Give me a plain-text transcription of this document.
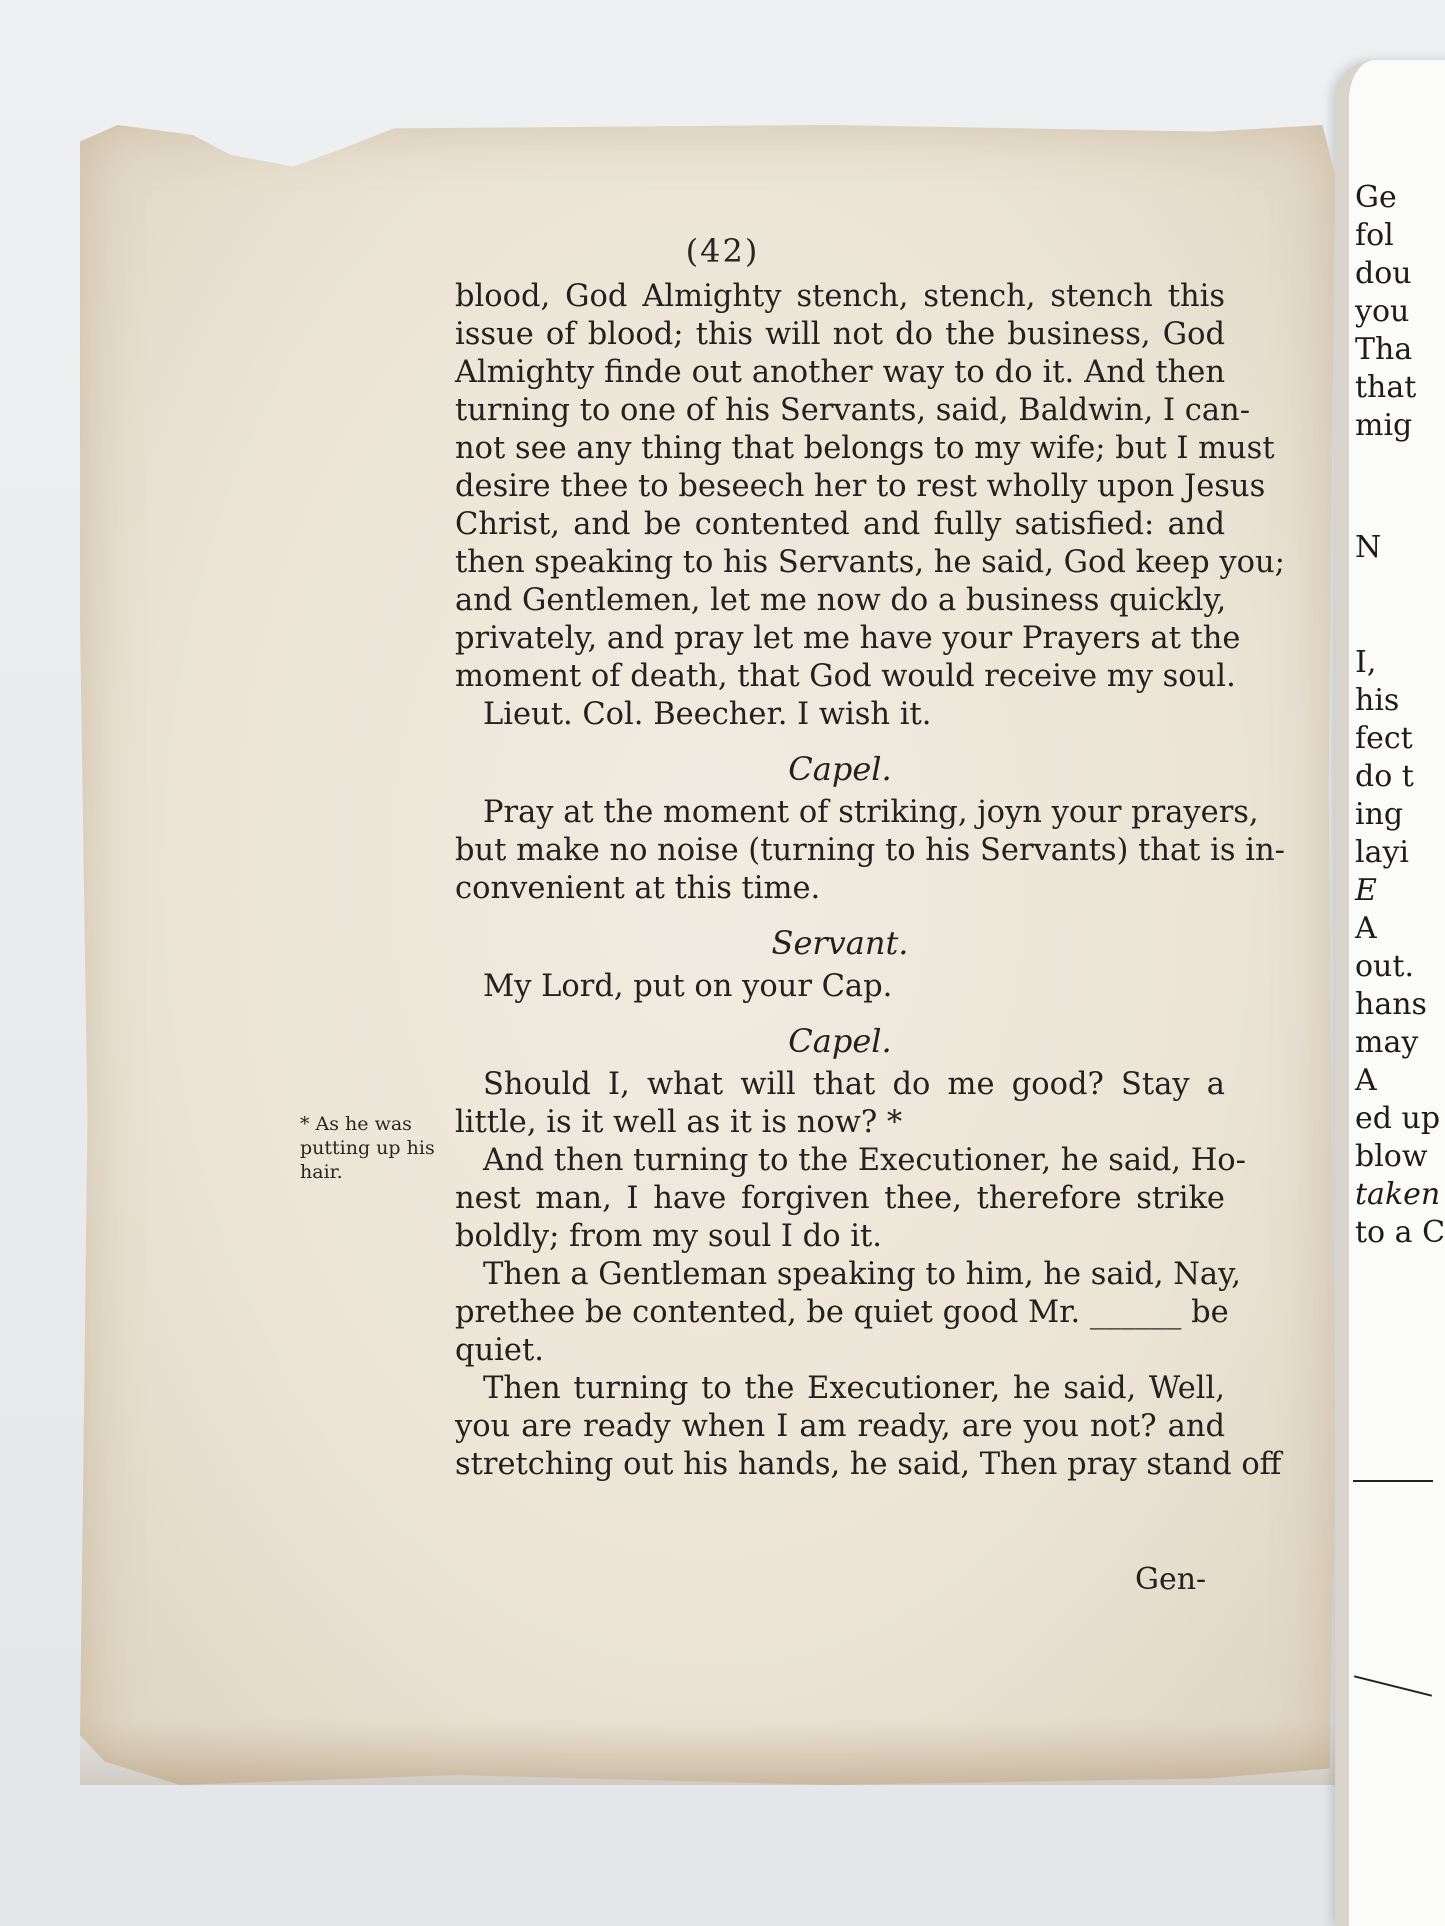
Ge
fol
dou
you
Tha
that
mig
N
I,
his
fect
do t
ing
layi
E
A
out.
hans
may
A
ed up
blow
taken
to a C
(42)
* As he was putting up his hair.
blood, God Almighty stench, stench, stench this
issue of blood; this will not do the business, God
Almighty finde out another way to do it. And then
turning to one of his Servants, said, Baldwin, I can-
not see any thing that belongs to my wife; but I must
desire thee to beseech her to rest wholly upon Jesus
Christ, and be contented and fully satisfied: and
then speaking to his Servants, he said, God keep you;
and Gentlemen, let me now do a business quickly,
privately, and pray let me have your Prayers at the
moment of death, that God would receive my soul.
Lieut. Col. Beecher. I wish it.
Capel.
Pray at the moment of striking, joyn your prayers,
but make no noise (turning to his Servants) that is in-
convenient at this time.
Servant.
My Lord, put on your Cap.
Capel.
Should I, what will that do me good? Stay a
little, is it well as it is now? *
And then turning to the Executioner, he said, Ho-
nest man, I have forgiven thee, therefore strike
boldly; from my soul I do it.
Then a Gentleman speaking to him, he said, Nay,
prethee be contented, be quiet good Mr. ______ be
quiet.
Then turning to the Executioner, he said, Well,
you are ready when I am ready, are you not? and
stretching out his hands, he said, Then pray stand off
Gen-
